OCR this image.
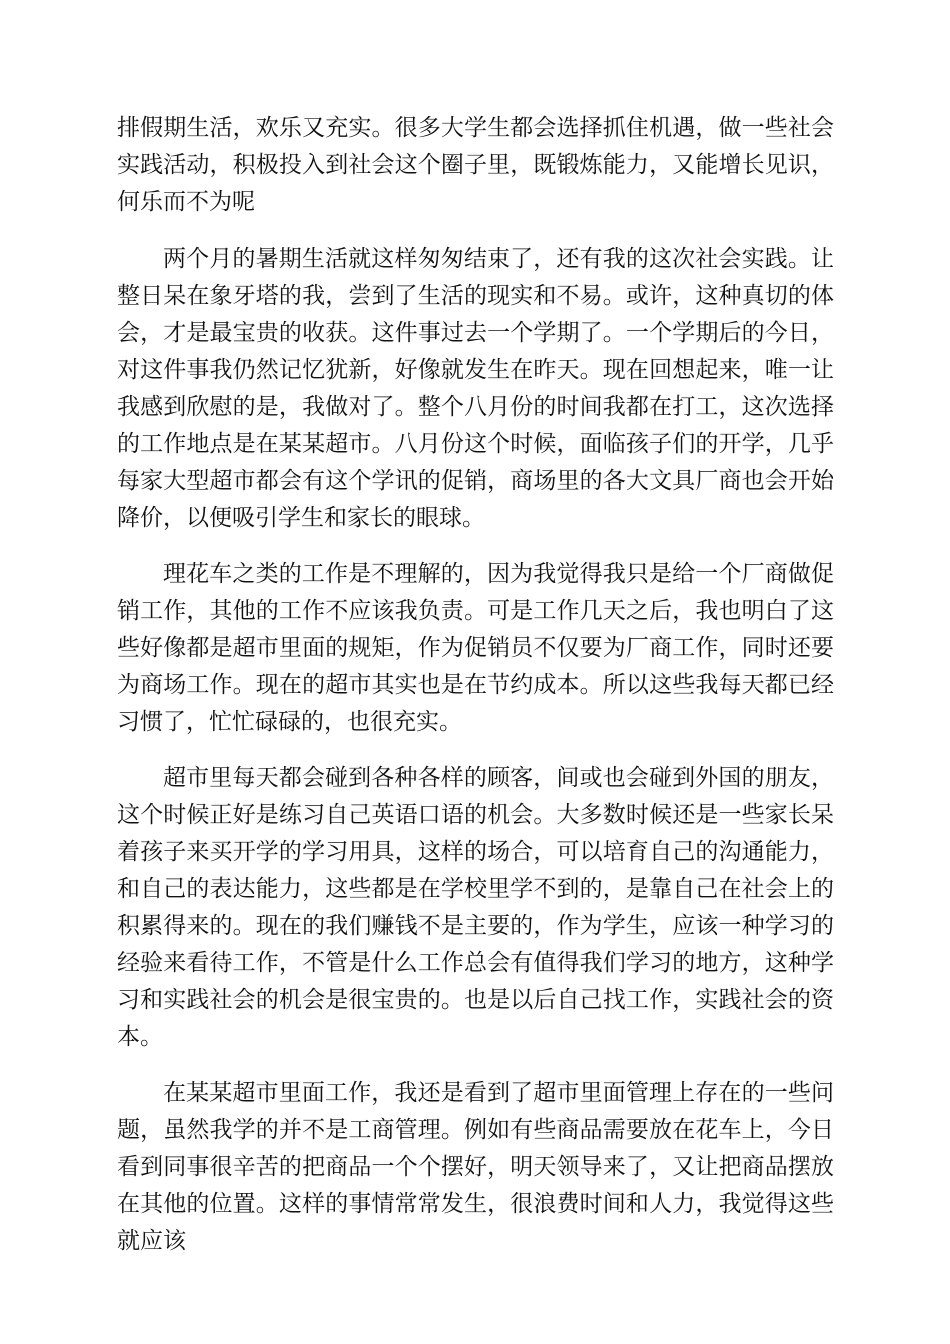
排假期生活，欢乐又充实。很多大学生都会选择抓住机遇，做一些社会实践活动，积极投入到社会这个圈子里，既锻炼能力，又能增长见识，何乐而不为呢

两个月的暑期生活就这样匆匆结束了，还有我的这次社会实践。让整日呆在象牙塔的我，尝到了生活的现实和不易。或许，这种真切的体会，才是最宝贵的收获。这件事过去一个学期了。一个学期后的今日，对这件事我仍然记忆犹新，好像就发生在昨天。现在回想起来，唯一让我感到欣慰的是，我做对了。整个八月份的时间我都在打工，这次选择的工作地点是在某某超市。八月份这个时候，面临孩子们的开学，几乎每家大型超市都会有这个学讯的促销，商场里的各大文具厂商也会开始降价，以便吸引学生和家长的眼球。

理花车之类的工作是不理解的，因为我觉得我只是给一个厂商做促销工作，其他的工作不应该我负责。可是工作几天之后，我也明白了这些好像都是超市里面的规矩，作为促销员不仅要为厂商工作，同时还要为商场工作。现在的超市其实也是在节约成本。所以这些我每天都已经习惯了，忙忙碌碌的，也很充实。

超市里每天都会碰到各种各样的顾客，间或也会碰到外国的朋友，这个时候正好是练习自己英语口语的机会。大多数时候还是一些家长呆着孩子来买开学的学习用具，这样的场合，可以培育自己的沟通能力，和自己的表达能力，这些都是在学校里学不到的，是靠自己在社会上的积累得来的。现在的我们赚钱不是主要的，作为学生，应该一种学习的经验来看待工作，不管是什么工作总会有值得我们学习的地方，这种学习和实践社会的机会是很宝贵的。也是以后自己找工作，实践社会的资本。

在某某超市里面工作，我还是看到了超市里面管理上存在的一些问题，虽然我学的并不是工商管理。例如有些商品需要放在花车上，今日看到同事很辛苦的把商品一个个摆好，明天领导来了，又让把商品摆放在其他的位置。这样的事情常常发生，很浪费时间和人力，我觉得这些就应该
